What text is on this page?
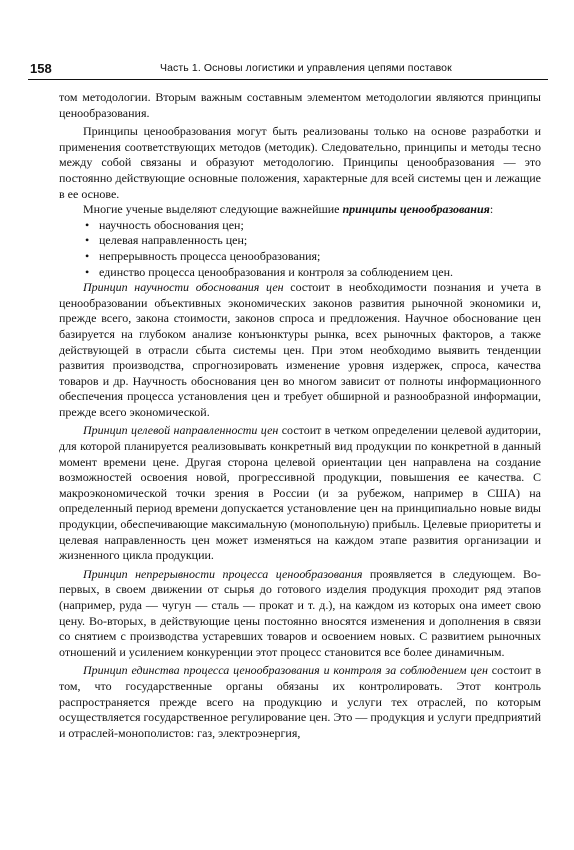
158	Часть 1. Основы логистики и управления цепями поставок

том методологии. Вторым важным составным элементом методологии являются принципы ценообразования.

Принципы ценообразования могут быть реализованы только на основе разработки и применения соответствующих методов (методик). Следовательно, принципы и методы тесно между собой связаны и образуют методологию. Принципы ценообразования — это постоянно действующие основные положения, характерные для всей системы цен и лежащие в ее основе.

Многие ученые выделяют следующие важнейшие принципы ценообразования:

• научность обоснования цен;
• целевая направленность цен;
• непрерывность процесса ценообразования;
• единство процесса ценообразования и контроля за соблюдением цен.

Принцип научности обоснования цен состоит в необходимости познания и учета в ценообразовании объективных экономических законов развития рыночной экономики и, прежде всего, закона стоимости, законов спроса и предложения. Научное обоснование цен базируется на глубоком анализе конъюнктуры рынка, всех рыночных факторов, а также действующей в отрасли сбыта системы цен. При этом необходимо выявить тенденции развития производства, спрогнозировать изменение уровня издержек, спроса, качества товаров и др. Научность обоснования цен во многом зависит от полноты информационного обеспечения процесса установления цен и требует обширной и разнообразной информации, прежде всего экономической.

Принцип целевой направленности цен состоит в четком определении целевой аудитории, для которой планируется реализовывать конкретный вид продукции по конкретной в данный момент времени цене. Другая сторона целевой ориентации цен направлена на создание возможностей освоения новой, прогрессивной продукции, повышения ее качества. С макроэкономической точки зрения в России (и за рубежом, например в США) на определенный период времени допускается установление цен на принципиально новые виды продукции, обеспечивающие максимальную (монопольную) прибыль. Целевые приоритеты и целевая направленность цен может изменяться на каждом этапе развития организации и жизненного цикла продукции.

Принцип непрерывности процесса ценообразования проявляется в следующем. Во-первых, в своем движении от сырья до готового изделия продукция проходит ряд этапов (например, руда — чугун — сталь — прокат и т. д.), на каждом из которых она имеет свою цену. Во-вторых, в действующие цены постоянно вносятся изменения и дополнения в связи со снятием с производства устаревших товаров и освоением новых. С развитием рыночных отношений и усилением конкуренции этот процесс становится все более динамичным.

Принцип единства процесса ценообразования и контроля за соблюдением цен состоит в том, что государственные органы обязаны их контролировать. Этот контроль распространяется прежде всего на продукцию и услуги тех отраслей, по которым осуществляется государственное регулирование цен. Это — продукция и услуги предприятий и отраслей-монополистов: газ, электроэнергия,
